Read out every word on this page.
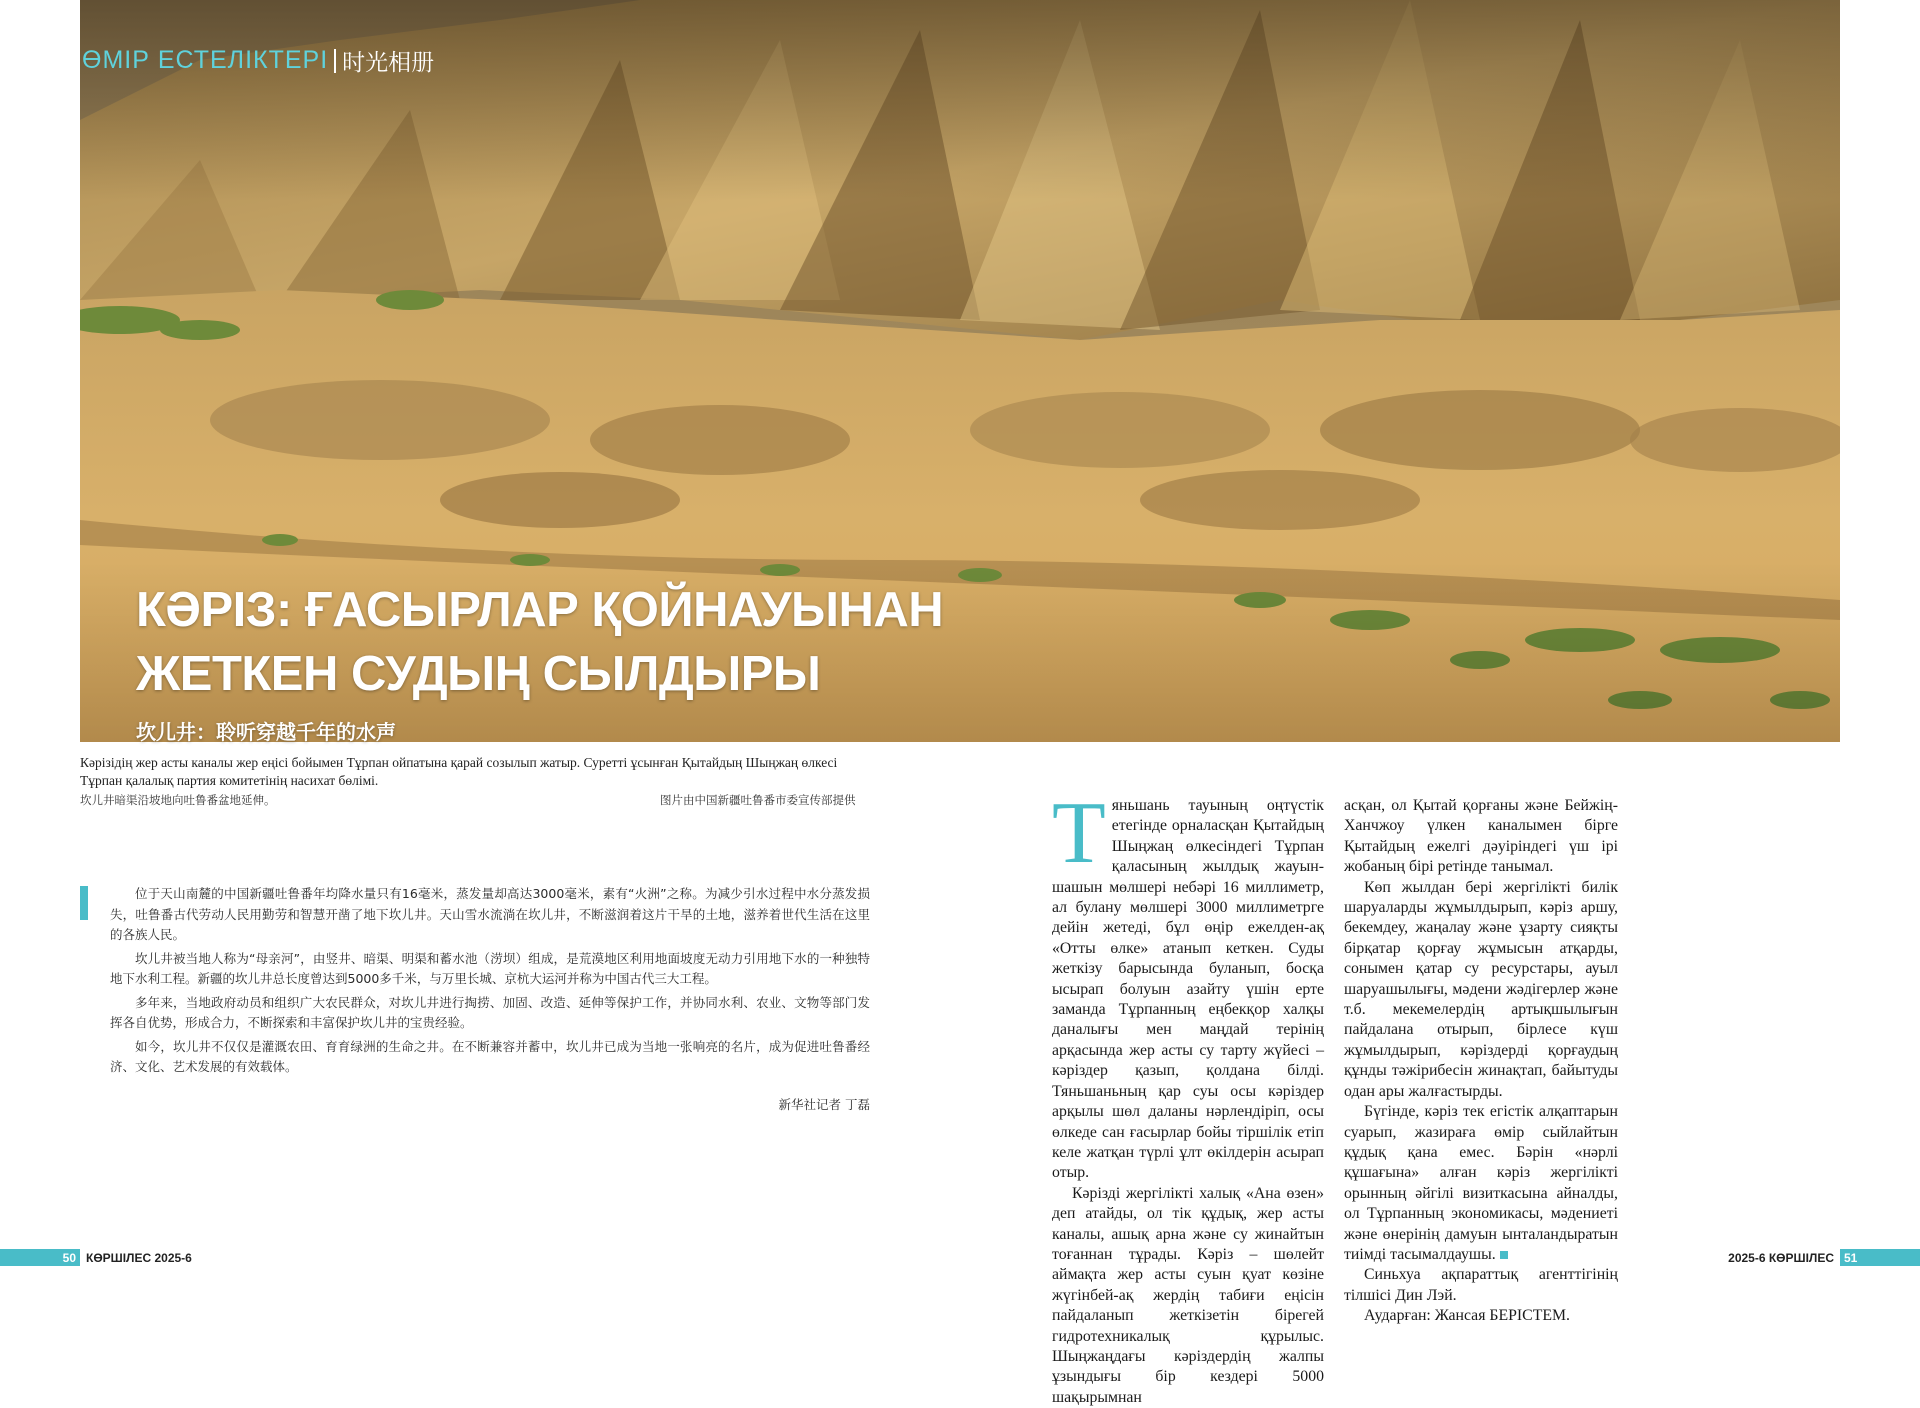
ӨМІР ЕСТЕЛІКТЕРІ 时光相册
КӘРІЗ: ҒАСЫРЛАР ҚОЙНАУЫНАН
ЖЕТКЕН СУДЫҢ СЫЛДЫРЫ
坎儿井：聆听穿越千年的水声
Кәрізідің жер асты каналы жер еңісі бойымен Тұрпан ойпатына қарай созылып жатыр. Суретті ұсынған Қытайдың Шыңжаң өлкесі Тұрпан қалалық партия комитетінің насихат бөлімі.
坎儿井暗渠沿坡地向吐鲁番盆地延伸。	图片由中国新疆吐鲁番市委宣传部提供

位于天山南麓的中国新疆吐鲁番年均降水量只有16毫米，蒸发量却高达3000毫米，素有“火洲”之称。为减少引水过程中水分蒸发损失，吐鲁番古代劳动人民用勤劳和智慧开凿了地下坎儿井。天山雪水流淌在坎儿井，不断滋润着这片干旱的土地，滋养着世代生活在这里的各族人民。

坎儿井被当地人称为“母亲河”，由竖井、暗渠、明渠和蓄水池（涝坝）组成，是荒漠地区利用地面坡度无动力引用地下水的一种独特地下水利工程。新疆的坎儿井总长度曾达到5000多千米，与万里长城、京杭大运河并称为中国古代三大工程。

多年来，当地政府动员和组织广大农民群众，对坎儿井进行掏捞、加固、改造、延伸等保护工作，并协同水利、农业、文物等部门发挥各自优势，形成合力，不断探索和丰富保护坎儿井的宝贵经验。

如今，坎儿井不仅仅是灌溉农田、育育绿洲的生命之井。在不断兼容并蓄中，坎儿井已成为当地一张响亮的名片，成为促进吐鲁番经济、文化、艺术发展的有效载体。

新华社记者 丁磊
Т яньшань тауының оңтүстік етегінде орналасқан Қытайдың Шыңжаң өлкесіндегі Тұрпан қаласының жылдық жауын-шашын мөлшері небәрі 16 миллиметр, ал булану мөлшері 3000 миллиметрге дейін жетеді, бұл өңір ежелден-ақ «Отты өлке» атанып кеткен. Суды жеткізу барысында буланып, босқа ысырап болуын азайту үшін ерте заманда Тұрпанның еңбекқор халқы даналығы мен маңдай терінің арқасында жер асты су тарту жүйесі – кәріздер қазып, қолдана білді. Тяньшаньның қар суы осы кәріздер арқылы шөл даланы нәрлендіріп, осы өлкеде сан ғасырлар бойы тіршілік етіп келе жатқан түрлі ұлт өкілдерін асырап отыр.

Кәрізді жергілікті халық «Ана өзен» деп атайды, ол тік құдық, жер асты каналы, ашық арна және су жинайтын тоғаннан тұрады. Кәріз – шөлейт аймақта жер асты суын қуат көзіне жүгінбей-ақ жердің табиғи еңісін пайдаланып жеткізетін бірегей гидротехникалық құрылыс. Шыңжаңдағы кәріздердің жалпы ұзындығы бір кездері 5000 шақырымнан

асқан, ол Қытай қорғаны және Бейжің-Ханчжоу үлкен каналымен бірге Қытайдың ежелгі дәуіріндегі үш ірі жобаның бірі ретінде танымал.

Көп жылдан бері жергілікті билік шаруаларды жұмылдырып, кәріз аршу, бекемдеу, жаңалау және ұзарту сияқты бірқатар қорғау жұмысын атқарды, сонымен қатар су ресурстары, ауыл шаруашылығы, мәдени жәдігерлер және т.б. мекемелердің артықшылығын пайдалана отырып, бірлесе күш жұмылдырып, кәріздерді қорғаудың құнды тәжірибесін жинақтап, байытуды одан ары жалғастырды.

Бүгінде, кәріз тек егістік алқаптарын суарып, жазираға өмір сыйлайтын құдық қана емес. Бәрін «нәрлі құшағына» алған кәріз жергілікті орынның әйгілі визиткасына айналды, ол Тұрпанның экономикасы, мәдениеті және өнерінің дамуын ынталандыратын тиімді тасымалдаушы.

Синьхуа ақпараттық агенттігінің тілшісі Дин Лэй.

Аударған: Жансая БЕРІСТЕМ.

50 КӨРШІЛЕС 2025-6	2025-6 КӨРШІЛЕС 51
